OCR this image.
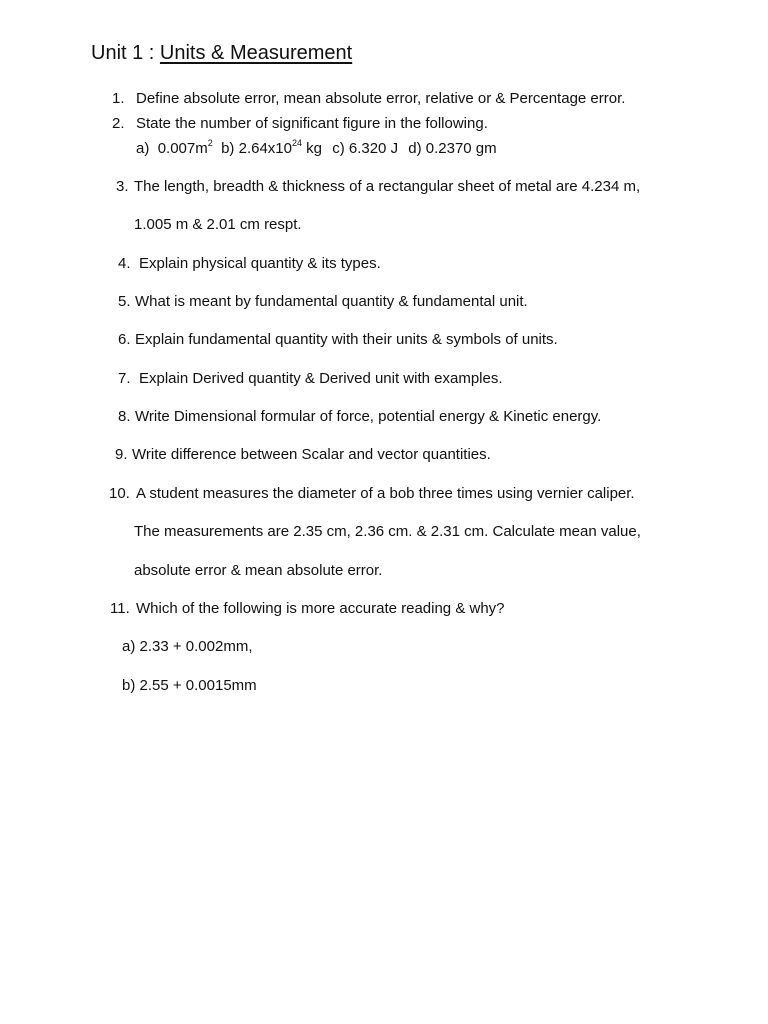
Unit 1 : Units & Measurement
1. Define absolute error, mean absolute error, relative or & Percentage error.
2. State the number of significant figure in the following.
a) $0.007m^2$ b) $2.64x10^{24}$ kg c) 6.320 J d) 0.2370 gm
3. The length, breadth & thickness of a rectangular sheet of metal are 4.234 m,
1.005 m & 2.01 cm respt.
4. Explain physical quantity & its types.
5. What is meant by fundamental quantity & fundamental unit.
6. Explain fundamental quantity with their units & symbols of units.
7. Explain Derived quantity & Derived unit with examples.
8. Write Dimensional formular of force, potential energy & Kinetic energy.
9. Write difference between Scalar and vector quantities.
10. A student measures the diameter of a bob three times using vernier caliper.
The measurements are 2.35 cm, 2.36 cm. & 2.31 cm. Calculate mean value,
absolute error & mean absolute error.
11. Which of the following is more accurate reading & why?
a) 2.33 + 0.002mm,
b) 2.55 + 0.0015mm
